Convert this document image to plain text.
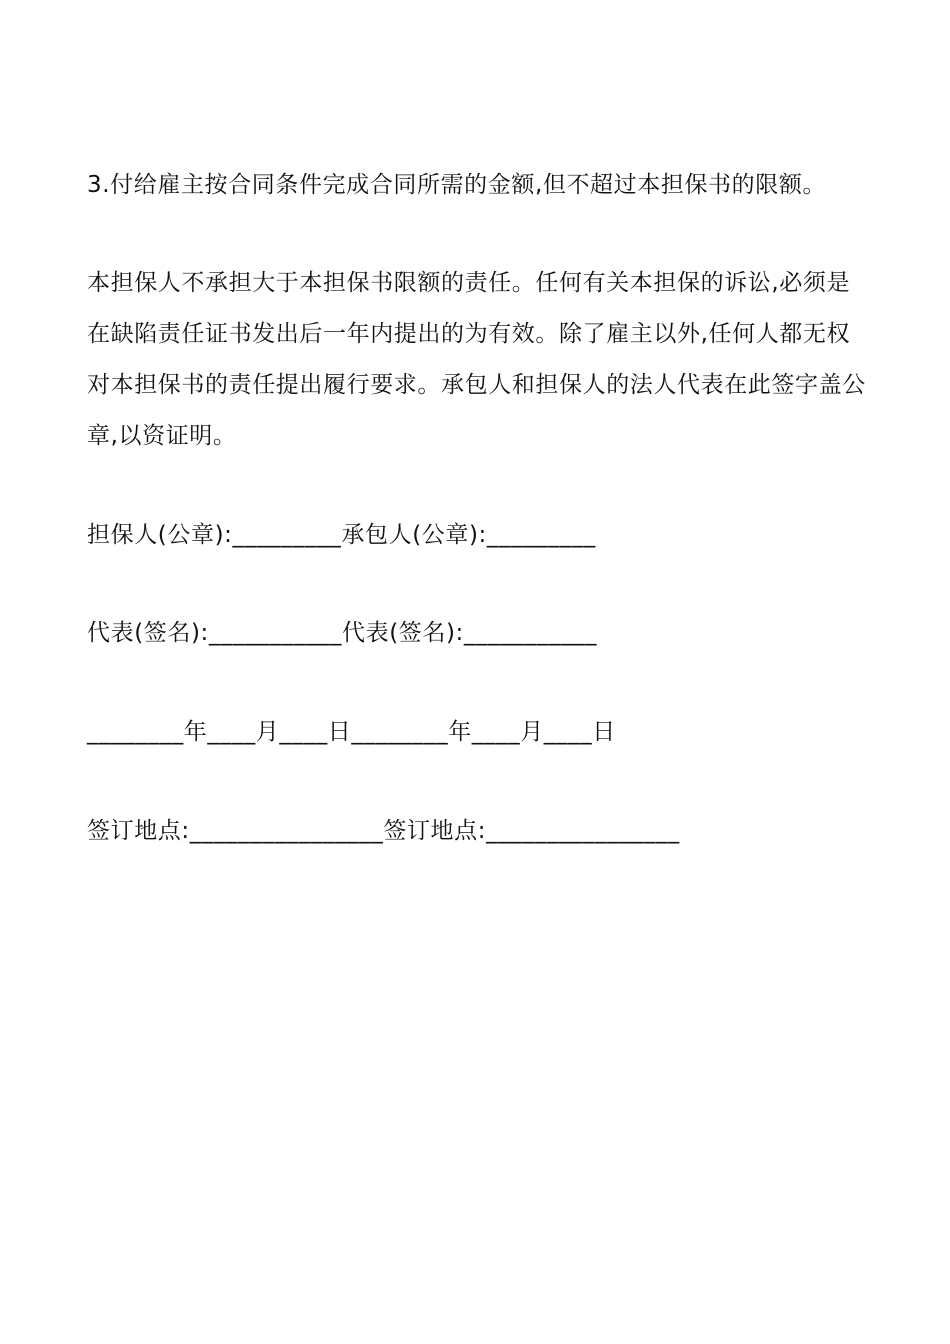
3.付给雇主按合同条件完成合同所需的金额,但不超过本担保书的限额。

本担保人不承担大于本担保书限额的责任。任何有关本担保的诉讼,必须是在缺陷责任证书发出后一年内提出的为有效。除了雇主以外,任何人都无权对本担保书的责任提出履行要求。承包人和担保人的法人代表在此签字盖公章,以资证明。

担保人(公章):_________承包人(公章):_________

代表(签名):___________代表(签名):___________

________年____月____日________年____月____日

签订地点:________________签订地点:________________
